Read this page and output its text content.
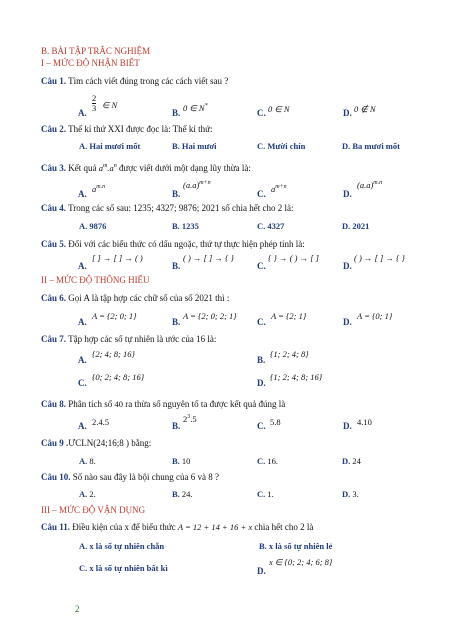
B. BÀI TẬP TRẮC NGHIỆM
I – MỨC ĐỘ NHẬN BIẾT
Câu 1. Tìm cách viết đúng trong các cách viết sau ?
A.
2
3 ∈ N
B. 0 ∈ N*
C. 0 ∈ N	D. 0 ∉ N
Câu 2. Thế kỉ thứ XXI được đọc là: Thế kỉ thứ:
A. Hai mươi mốt	B. Hai mươi	C. Mười chín	D. Ba mươi mốt
Câu 3. Kết quả $a^m.a^n$ được viết dưới một dạng lũy thừa là:
A. $a^{m.n}$
B.
$(a.a)^{m+n}$
C. $a^{m+n}$
D.
$(a.a)^{m.n}$
Câu 4. Trong các số sau: 1235; 4327; 9876; 2021 số chia hết cho 2 là:
A. 9876	B. 1235	C. 4327	D. 2021
Câu 5. Đối với các biểu thức có dấu ngoặc, thứ tự thực hiện phép tính là:
A.
[ ] → [ ] → ( )
B.
( ) → [ ] → { }
C.
{ } → ( ) → [ ]
D.
( ) → [ ] → { }
II – MỨC ĐỘ THÔNG HIỂU
Câu 6. Gọi A là tập hợp các chữ số của số 2021 thì :
A.
A = {2; 0; 1}
B.
A = {2; 0; 2; 1}
C.
A = {2; 1}
D.
A = {0; 1}
Câu 7. Tập hợp các số tự nhiên là ước của 16 là:
A.
{2; 4; 8; 16}
B.
{1; 2; 4; 8}
C.
{0; 2; 4; 8; 16}
D.
{1; 2; 4; 8; 16}
Câu 8. Phân tích số 40 ra thừa số nguyên tố ta được kết quả đúng là
A. 2.4.5	B.
$2^3.5$
C. 5.8	D. 4.10
Câu 9 .ƯCLN(24;16;8 ) bằng:
A. 8.	B. 10	C. 16.	D. 24
Câu 10. Số nào sau đây là bội chung của 6 và 8 ?
A. 2.	B. 24.	C. 1.	D. 3.
III – MỨC ĐỘ VẬN DỤNG
Câu 11. Điều kiện của x để biểu thức A = 12 + 14 + 16 + x chia hết cho 2 là
A. x là số tự nhiên chẵn	B. x là số tự nhiên lẻ
C. x là số tự nhiên bất kì	D.
x ∈ {0; 2; 4; 6; 8}
2
